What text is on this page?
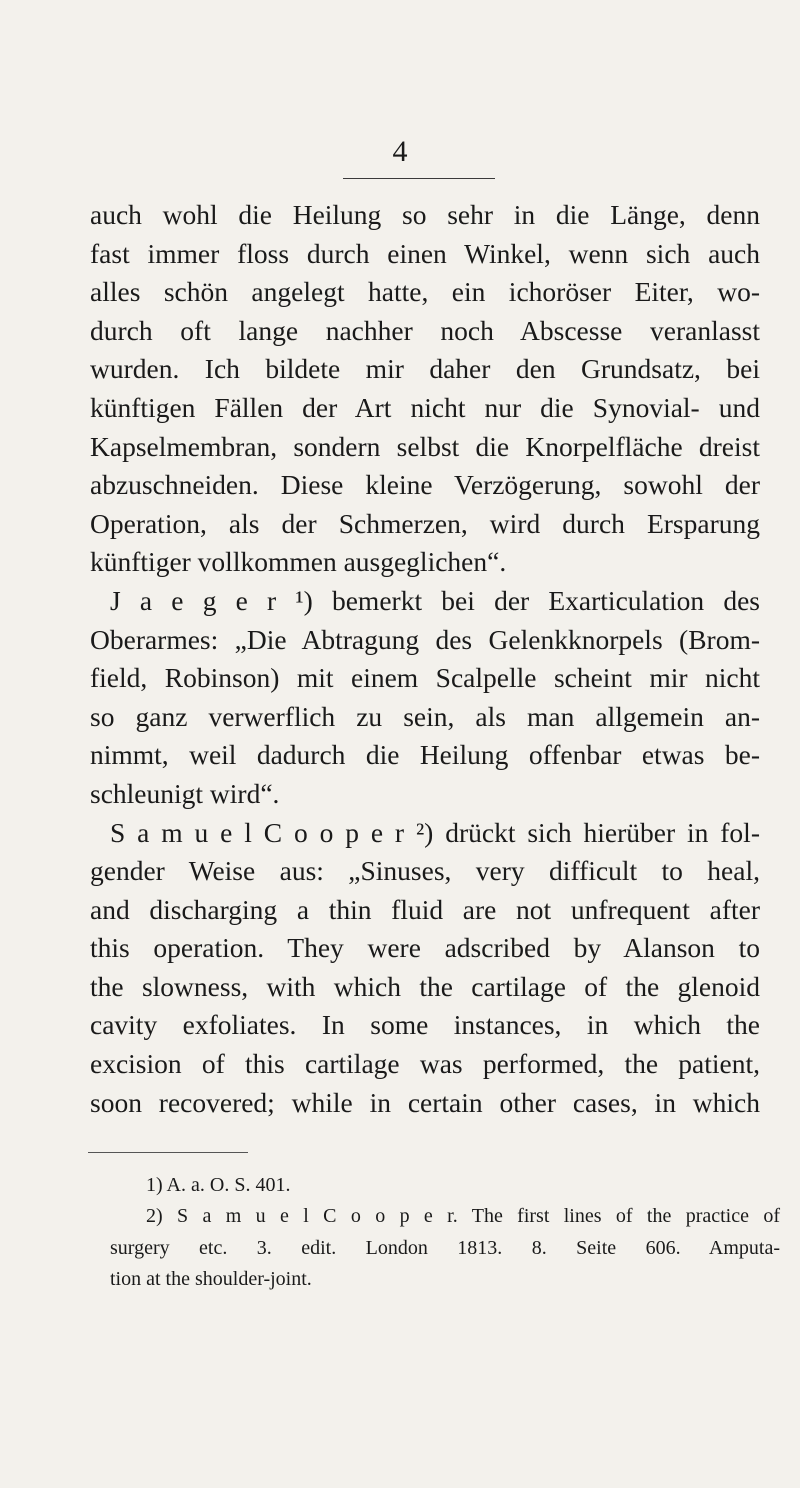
4
auch wohl die Heilung so sehr in die Länge, denn
fast immer floss durch einen Winkel, wenn sich auch
alles schön angelegt hatte, ein ichoröser Eiter, wo-
durch oft lange nachher noch Abscesse veranlasst
wurden. Ich bildete mir daher den Grundsatz, bei
künftigen Fällen der Art nicht nur die Synovial- und
Kapselmembran, sondern selbst die Knorpelfläche dreist
abzuschneiden. Diese kleine Verzögerung, sowohl der
Operation, als der Schmerzen, wird durch Ersparung
künftiger vollkommen ausgeglichen“.
J a e g e r ¹) bemerkt bei der Exarticulation des
Oberarmes: „Die Abtragung des Gelenkknorpels (Brom-
field, Robinson) mit einem Scalpelle scheint mir nicht
so ganz verwerflich zu sein, als man allgemein an-
nimmt, weil dadurch die Heilung offenbar etwas be-
schleunigt wird“.
S a m u e l C o o p e r ²) drückt sich hierüber in fol-
gender Weise aus: „Sinuses, very difficult to heal,
and discharging a thin fluid are not unfrequent after
this operation. They were adscribed by Alanson to
the slowness, with which the cartilage of the glenoid
cavity exfoliates. In some instances, in which the
excision of this cartilage was performed, the patient,
soon recovered; while in certain other cases, in which
1) A. a. O. S. 401.
2) S a m u e l C o o p e r. The first lines of the practice of
surgery etc. 3. edit. London 1813. 8. Seite 606. Amputa-
tion at the shoulder-joint.
